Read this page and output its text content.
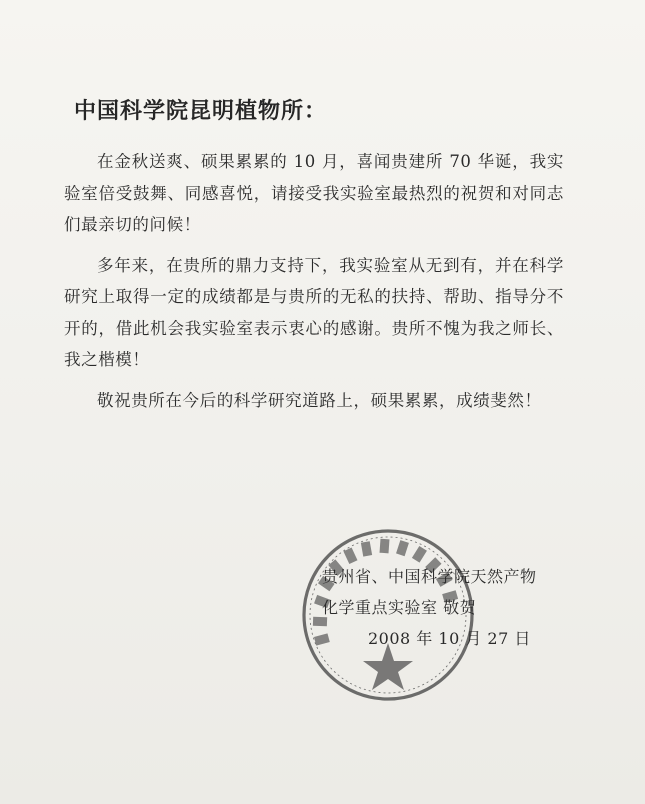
中国科学院昆明植物所：

在金秋送爽、硕果累累的 10 月，喜闻贵建所 70 华诞，我实验室倍受鼓舞、同感喜悦，请接受我实验室最热烈的祝贺和对同志们最亲切的问候！

多年来，在贵所的鼎力支持下，我实验室从无到有，并在科学研究上取得一定的成绩都是与贵所的无私的扶持、帮助、指导分不开的，借此机会我实验室表示衷心的感谢。贵所不愧为我之师长、我之楷模！

敬祝贵所在今后的科学研究道路上，硕果累累，成绩斐然！

贵州省、中国科学院天然产物
化学重点实验室 敬贺
2008 年 10 月 27 日
